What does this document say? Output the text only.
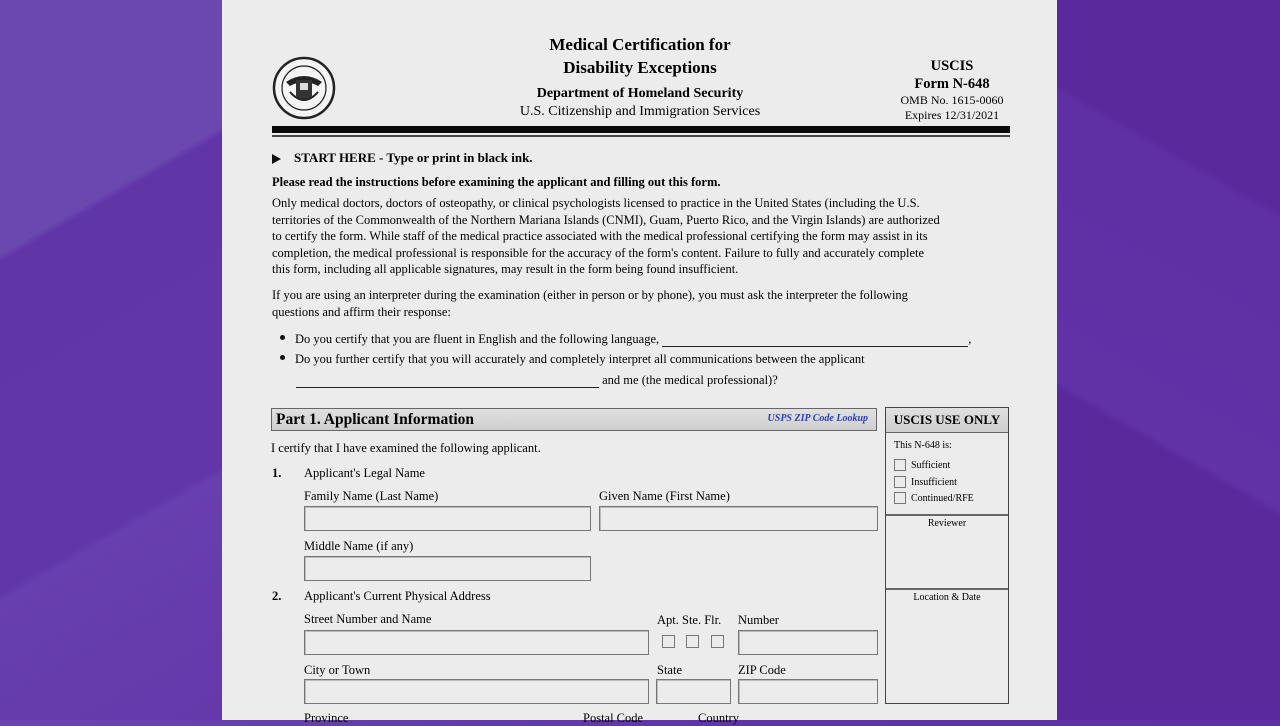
Medical Certification for
Disability Exceptions
Department of Homeland Security
U.S. Citizenship and Immigration Services
USCIS
Form N-648
OMB No. 1615-0060
Expires 12/31/2021
START HERE - Type or print in black ink.
Please read the instructions before examining the applicant and filling out this form.
Only medical doctors, doctors of osteopathy, or clinical psychologists licensed to practice in the United States (including the U.S.
territories of the Commonwealth of the Northern Mariana Islands (CNMI), Guam, Puerto Rico, and the Virgin Islands) are authorized
to certify the form. While staff of the medical practice associated with the medical professional certifying the form may assist in its
completion, the medical professional is responsible for the accuracy of the form's content. Failure to fully and accurately complete
this form, including all applicable signatures, may result in the form being found insufficient.
If you are using an interpreter during the examination (either in person or by phone), you must ask the interpreter the following
questions and affirm their response:
Do you certify that you are fluent in English and the following language,	,
Do you further certify that you will accurately and completely interpret all communications between the applicant
and me (the medical professional)?
Part 1. Applicant Information	USPS ZIP Code Lookup
I certify that I have examined the following applicant.
1. Applicant's Legal Name
Family Name (Last Name)	Given Name (First Name)
Middle Name (if any)
2. Applicant's Current Physical Address
Street Number and Name	Apt. Ste. Flr. Number
City or Town	State	ZIP Code
Province	Postal Code	Country
USCIS USE ONLY
This N-648 is:
Sufficient
Insufficient
Continued/RFE
Reviewer
Location & Date
